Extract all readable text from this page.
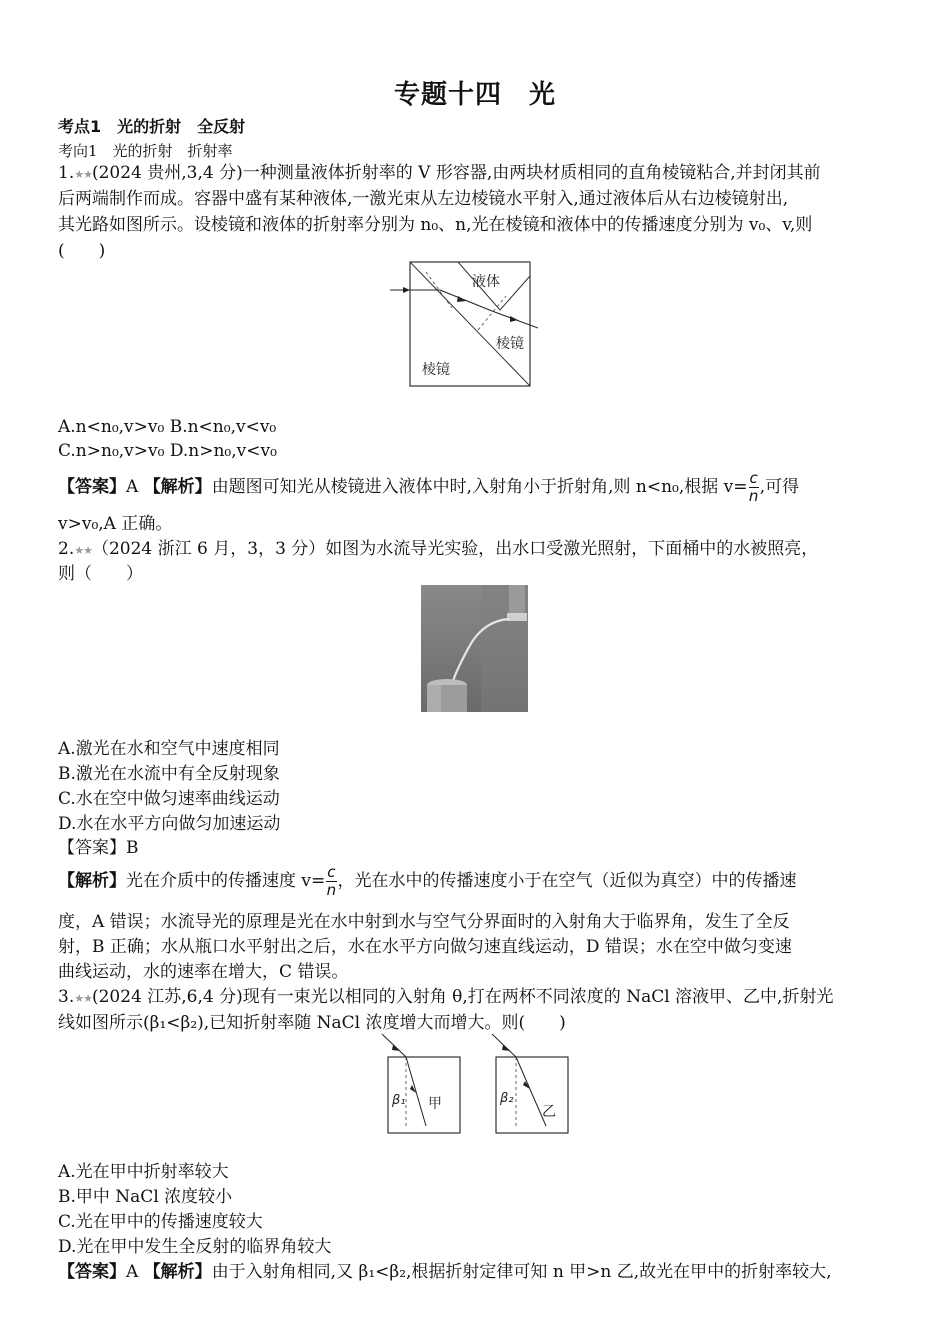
专题十四　光
考点1　光的折射　全反射
考向1　光的折射　折射率
1.★★(2024 贵州,3,4 分)一种测量液体折射率的 V 形容器,由两块材质相同的直角棱镜粘合,并封闭其前
后两端制作而成。容器中盛有某种液体,一激光束从左边棱镜水平射入,通过液体后从右边棱镜射出,
其光路如图所示。设棱镜和液体的折射率分别为 n₀、n,光在棱镜和液体中的传播速度分别为 v₀、v,则
(　　)
液体
棱镜
棱镜
A.n<n₀,v>v₀ B.n<n₀,v<v₀
C.n>n₀,v>v₀ D.n>n₀,v<v₀
【答案】A 【解析】由题图可知光从棱镜进入液体中时,入射角小于折射角,则 n<n₀,根据 $v= \frac{c}{n}$ ,可得
v>v₀,A 正确。
2.★★（2024 浙江 6 月，3，3 分）如图为水流导光实验，出水口受激光照射，下面桶中的水被照亮，
则（　　）
A.激光在水和空气中速度相同
B.激光在水流中有全反射现象
C.水在空中做匀速率曲线运动
D.水在水平方向做匀加速运动
【答案】B
【解析】光在介质中的传播速度 $v= \frac{c}{n}$ ，光在水中的传播速度小于在空气（近似为真空）中的传播速
度，A 错误；水流导光的原理是光在水中射到水与空气分界面时的入射角大于临界角，发生了全反
射，B 正确；水从瓶口水平射出之后，水在水平方向做匀速直线运动，D 错误；水在空中做匀变速
曲线运动，水的速率在增大，C 错误。
3.★★(2024 江苏,6,4 分)现有一束光以相同的入射角 θ,打在两杯不同浓度的 NaCl 溶液甲、乙中,折射光
线如图所示(β₁<β₂),已知折射率随 NaCl 浓度增大而增大。则(　　)
β₁ 甲	β₂
乙
A.光在甲中折射率较大
B.甲中 NaCl 浓度较小
C.光在甲中的传播速度较大
D.光在甲中发生全反射的临界角较大
【答案】A 【解析】由于入射角相同,又 β₁<β₂,根据折射定律可知 n 甲>n 乙,故光在甲中的折射率较大,
